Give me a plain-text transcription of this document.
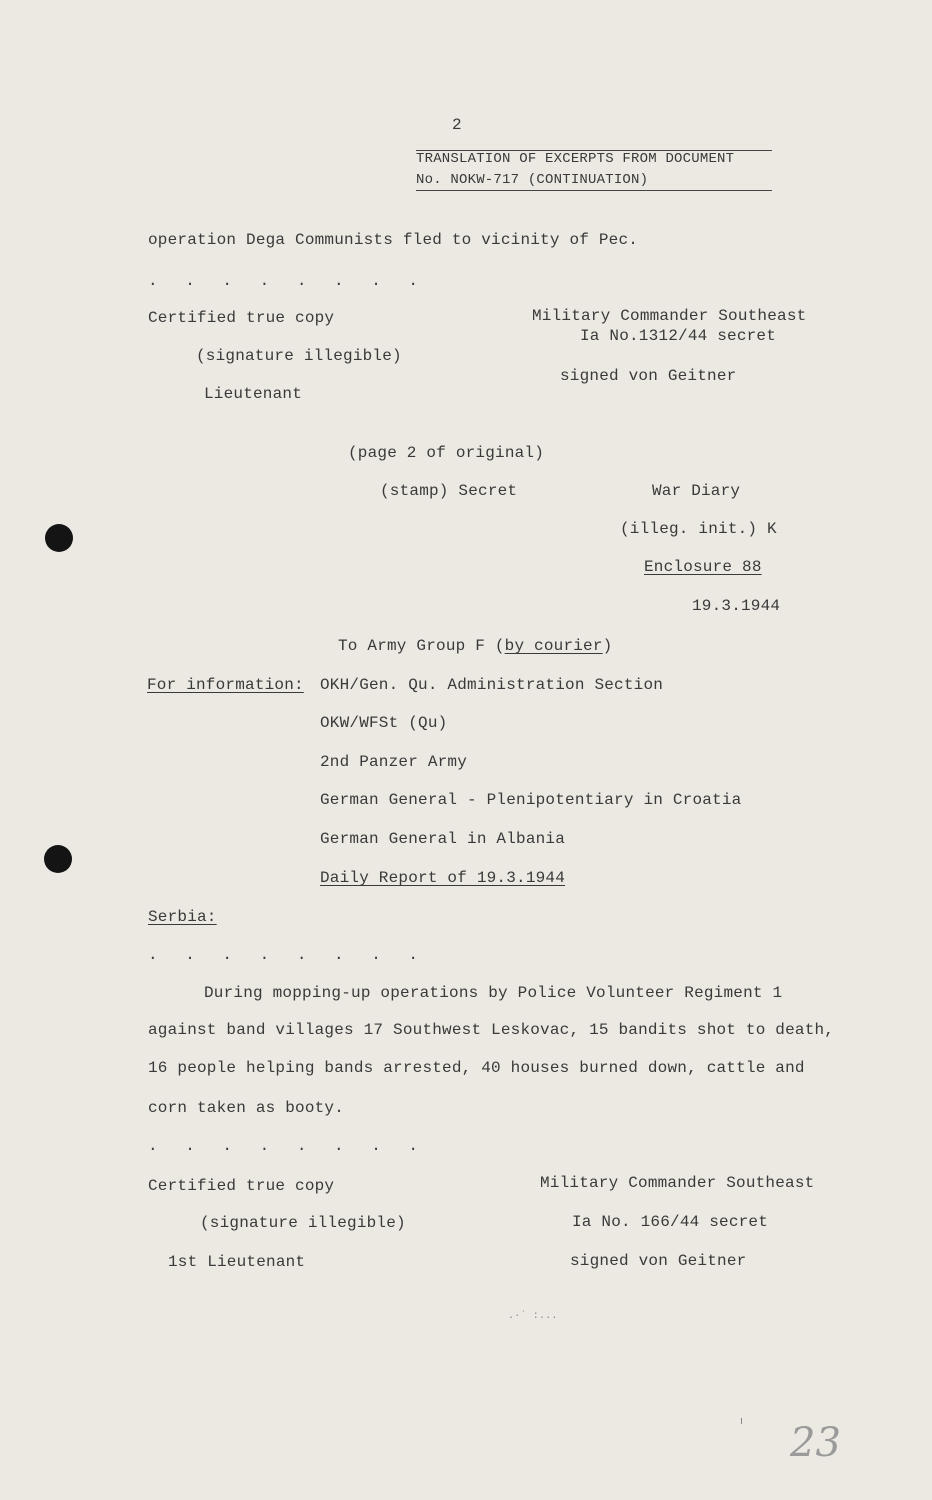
2
TRANSLATION OF EXCERPTS FROM DOCUMENT
No. NOKW-717 (CONTINUATION)
operation Dega Communists fled to vicinity of Pec.
. . . . . . . .
Certified true copy
(signature illegible)
Lieutenant
Military Commander Southeast
Ia No.1312/44 secret
signed von Geitner
(page 2 of original)
(stamp) Secret	War Diary
(illeg. init.) K
Enclosure 88
19.3.1944
To Army Group F (by courier)
For information: OKH/Gen. Qu. Administration Section
OKW/WFSt (Qu)
2nd Panzer Army
German General - Plenipotentiary in Croatia
German General in Albania
Daily Report of 19.3.1944
Serbia:
. . . . . . . .
During mopping-up operations by Police Volunteer Regiment 1
against band villages 17 Southwest Leskovac, 15 bandits shot to death,
16 people helping bands arrested, 40 houses burned down, cattle and
corn taken as booty.
. . . . . . . .
Certified true copy
(signature illegible)
1st Lieutenant
Military Commander Southeast
Ia No. 166/44 secret
signed von Geitner
.·˙ :...
23
